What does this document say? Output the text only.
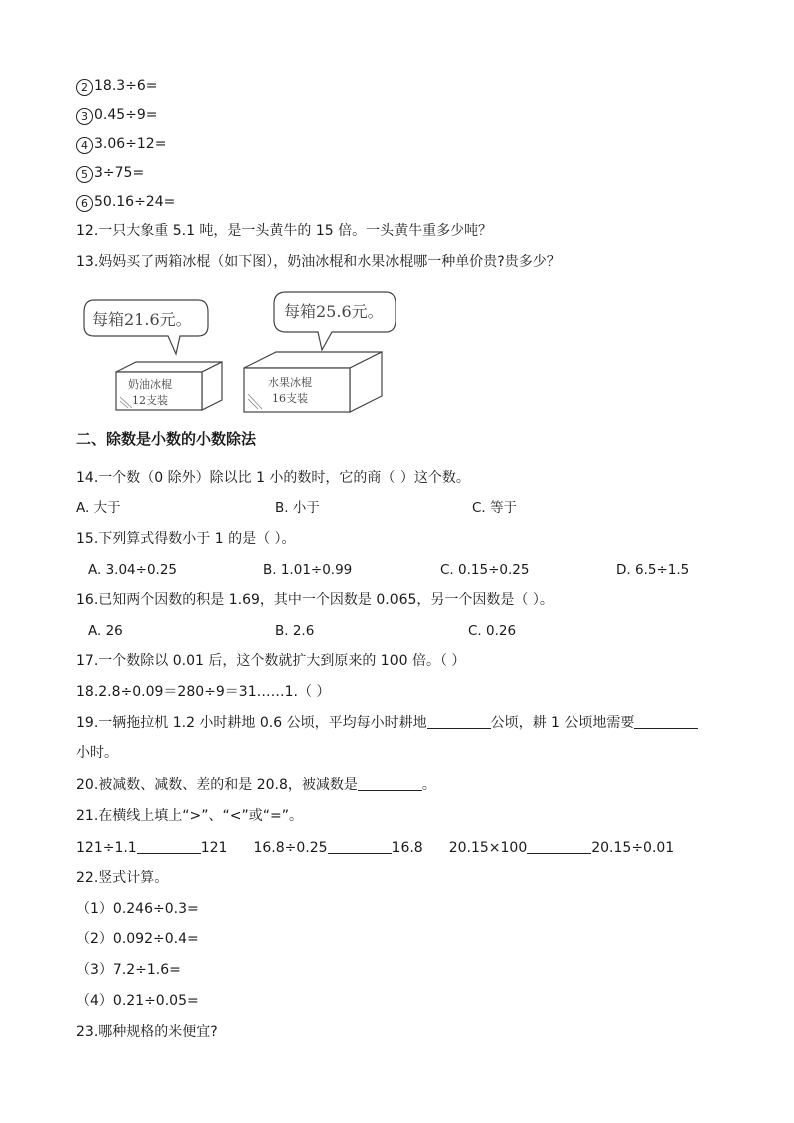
2 18.3÷6=
3 0.45÷9=
4 3.06÷12=
5 3÷75=
6 50.16÷24=
12.一只大象重 5.1 吨，是一头黄牛的 15 倍。一头黄牛重多少吨？
13.妈妈买了两箱冰棍（如下图），奶油冰棍和水果冰棍哪一种单价贵?贵多少？
每箱21.6元。	每箱25.6元。
奶油冰棍
12支装
水果冰棍
16支装
二、除数是小数的小数除法
14.一个数（0 除外）除以比 1 小的数时，它的商（ ）这个数。
A. 大于	B. 小于	C. 等于
15.下列算式得数小于 1 的是（ ）。
A. 3.04÷0.25	B. 1.01÷0.99	C. 0.15÷0.25	D. 6.5÷1.5
16.已知两个因数的积是 1.69，其中一个因数是 0.065，另一个因数是（ ）。
A. 26	B. 2.6	C. 0.26
17.一个数除以 0.01 后，这个数就扩大到原来的 100 倍。（ ）
18.2.8÷0.09＝280÷9＝31……1.（ ）
19.一辆拖拉机 1.2 小时耕地 0.6 公顷，平均每小时耕地	公顷，耕 1 公顷地需要
小时。
20.被减数、减数、差的和是 20.8，被减数是	。
21.在横线上填上“>”、“<”或“=”。
121÷1.1	121 16.8÷0.25	16.8 20.15×100	20.15÷0.01
22.竖式计算。
（1）0.246÷0.3=
（2）0.092÷0.4=
（3）7.2÷1.6=
（4）0.21÷0.05=
23.哪种规格的米便宜?
